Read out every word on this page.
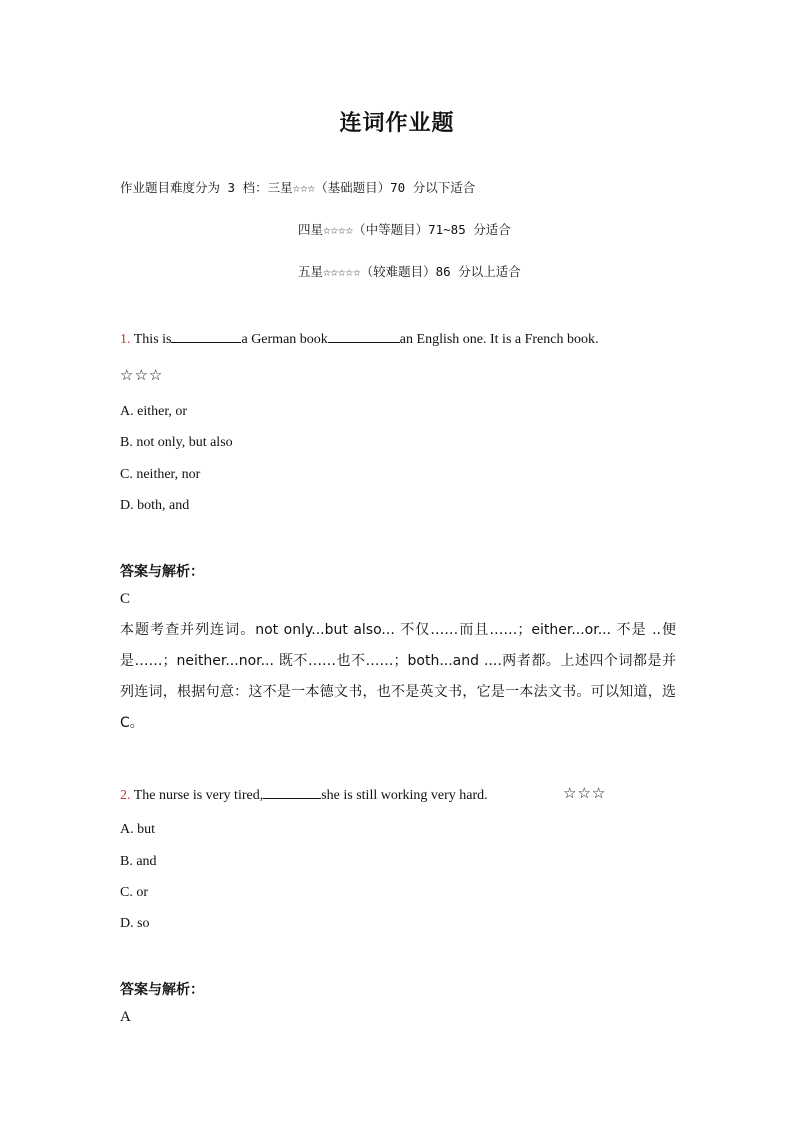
连词作业题
作业题目难度分为 3 档：三星☆☆☆（基础题目）70 分以下适合
四星☆☆☆☆（中等题目）71~85 分适合
五星☆☆☆☆☆（较难题目）86 分以上适合
1. This is	a German book	an English one. It is a French book.
☆☆☆
A. either, or
B. not only, but also
C. neither, nor
D. both, and
答案与解析：
C
本题考查并列连词。not only...but also... 不仅……而且……；either...or... 不是 ..便是……；neither...nor... 既不……也不……；both...and ....两者都。上述四个词都是并列连词，根据句意：这不是一本德文书，也不是英文书，它是一本法文书。可以知道，选 C。
2. The nurse is very tired,	she is still working very hard.	☆☆☆
A. but
B. and
C. or
D. so
答案与解析：
A
